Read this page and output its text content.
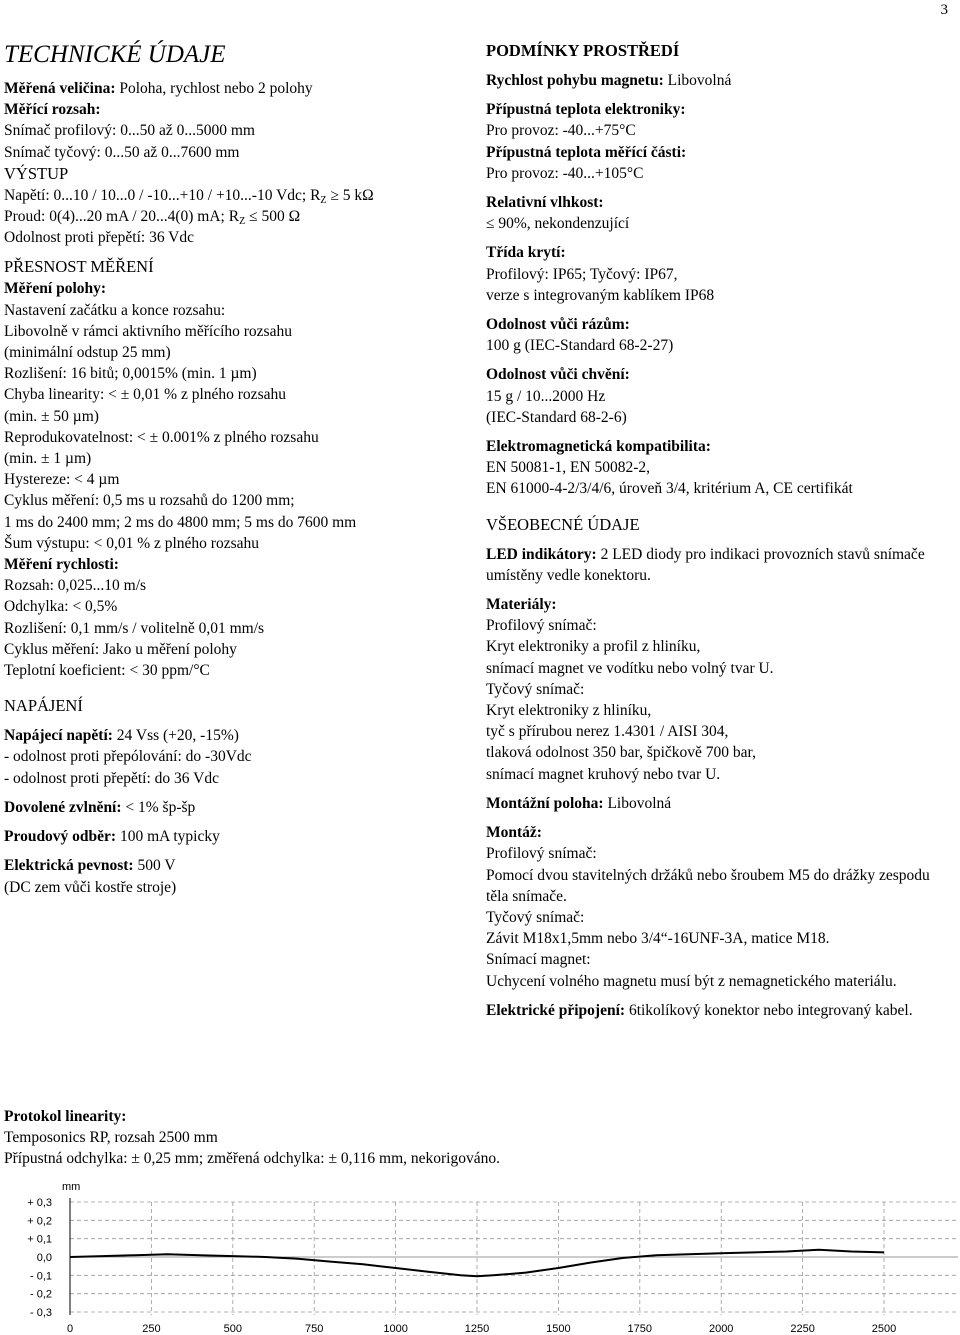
3
TECHNICKÉ ÚDAJE
Měřená veličina: Poloha, rychlost nebo 2 polohy
Měřící rozsah:
Snímač profilový: 0...50 až 0...5000 mm
Snímač tyčový: 0...50 až 0...7600 mm
VÝSTUP
Napětí: 0...10 / 10...0 / -10...+10 / +10...-10 Vdc; $R_Z \ge 5$ kΩ
Proud: 0(4)...20 mA / 20...4(0) mA; $R_Z \le 500$ Ω
Odolnost proti přepětí: 36 Vdc
PŘESNOST MĚŘENÍ
Měření polohy:
Nastavení začátku a konce rozsahu:
Libovolně v rámci aktivního měřícího rozsahu
(minimální odstup 25 mm)
Rozlišení: 16 bitů; 0,0015% (min. 1 µm)
Chyba linearity: < ± 0,01 % z plného rozsahu
(min. ± 50 µm)
Reprodukovatelnost: < ± 0.001% z plného rozsahu
(min. ± 1 µm)
Hystereze: < 4 µm
Cyklus měření: 0,5 ms u rozsahů do 1200 mm;
1 ms do 2400 mm; 2 ms do 4800 mm; 5 ms do 7600 mm
Šum výstupu: < 0,01 % z plného rozsahu
Měření rychlosti:
Rozsah: 0,025...10 m/s
Odchylka: < 0,5%
Rozlišení: 0,1 mm/s / volitelně 0,01 mm/s
Cyklus měření: Jako u měření polohy
Teplotní koeficient: < 30 ppm/°C
NAPÁJENÍ
Napájecí napětí: 24 Vss (+20, -15%)
- odolnost proti přepólování: do -30Vdc
- odolnost proti přepětí: do 36 Vdc
Dovolené zvlnění: < 1% šp-šp
Proudový odběr: 100 mA typicky
Elektrická pevnost: 500 V
(DC zem vůči kostře stroje)
PODMÍNKY PROSTŘEDÍ
Rychlost pohybu magnetu: Libovolná
Přípustná teplota elektroniky:
Pro provoz: -40...+75°C
Přípustná teplota měřící části:
Pro provoz: -40...+105°C
Relativní vlhkost:
≤ 90%, nekondenzující
Třída krytí:
Profilový: IP65; Tyčový: IP67,
verze s integrovaným kablíkem IP68
Odolnost vůči rázům:
100 g (IEC-Standard 68-2-27)
Odolnost vůči chvění:
15 g / 10...2000 Hz
(IEC-Standard 68-2-6)
Elektromagnetická kompatibilita:
EN 50081-1, EN 50082-2,
EN 61000-4-2/3/4/6, úroveň 3/4, kritérium A, CE certifikát
VŠEOBECNÉ ÚDAJE
LED indikátory: 2 LED diody pro indikaci provozních stavů snímače umístěny vedle konektoru.
Materiály:
Profilový snímač:
Kryt elektroniky a profil z hliníku,
snímací magnet ve vodítku nebo volný tvar U.
Tyčový snímač:
Kryt elektroniky z hliníku,
tyč s přírubou nerez 1.4301 / AISI 304,
tlaková odolnost 350 bar, špičkově 700 bar,
snímací magnet kruhový nebo tvar U.
Montážní poloha: Libovolná
Montáž:
Profilový snímač:
Pomocí dvou stavitelných držáků nebo šroubem M5 do drážky zespodu těla snímače.
Tyčový snímač:
Závit M18x1,5mm nebo 3/4“-16UNF-3A, matice M18.
Snímací magnet:
Uchycení volného magnetu musí být z nemagnetického materiálu.
Elektrické připojení: 6tikolíkový konektor nebo integrovaný kabel.
Protokol linearity:
Temposonics RP, rozsah 2500 mm
Přípustná odchylka: ± 0,25 mm; změřená odchylka: ± 0,116 mm, nekorigováno.
mm
+ 0,3
+ 0,2
+ 0,1
0,0
- 0,1
- 0,2
- 0,3
0	250	500	750	1000	1250	1500	1750	2000	2250	2500
